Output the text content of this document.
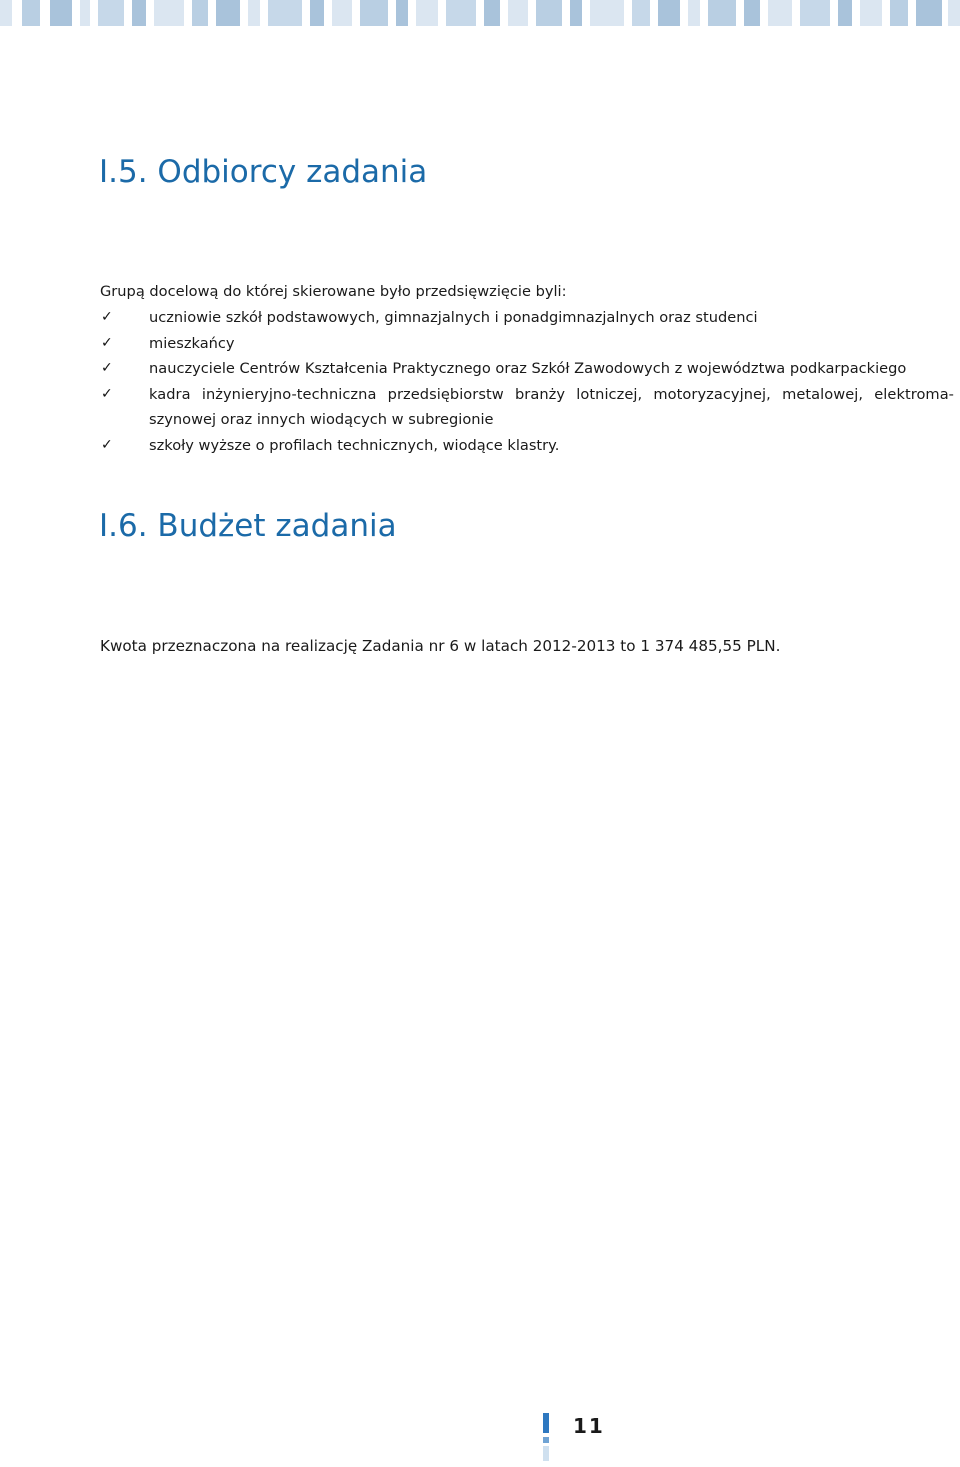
I.5. Odbiorcy zadania
Grupą docelową do której skierowane było przedsięwzięcie byli:
✓ uczniowie szkół podstawowych, gimnazjalnych i ponadgimnazjalnych oraz studenci
✓ mieszkańcy
✓ nauczyciele Centrów Kształcenia Praktycznego oraz Szkół Zawodowych z województwa podkarpackiego
✓ kadra inżynieryjno-techniczna przedsiębiorstw branży lotniczej, motoryzacyjnej, metalowej, elektroma-
szynowej oraz innych wiodących w subregionie
✓ szkoły wyższe o profilach technicznych, wiodące klastry.
I.6. Budżet zadania
Kwota przeznaczona na realizację Zadania nr 6 w latach 2012-2013 to 1 374 485,55 PLN.
11
